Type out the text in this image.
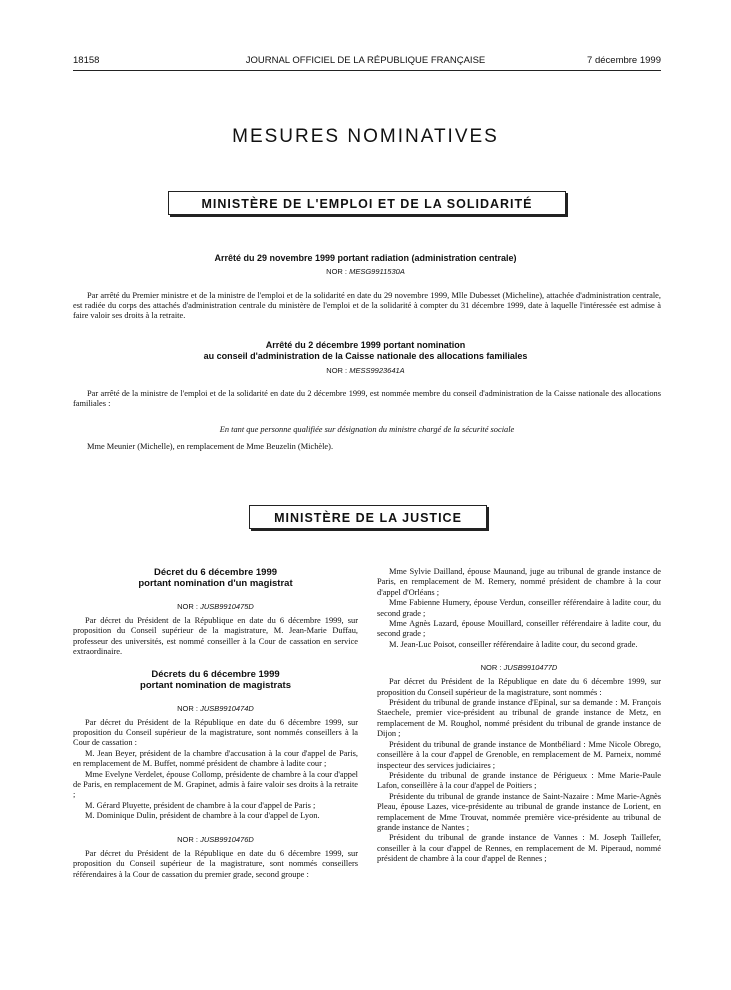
18158	JOURNAL OFFICIEL DE LA RÉPUBLIQUE FRANÇAISE	7 décembre 1999
MESURES NOMINATIVES
MINISTÈRE DE L'EMPLOI ET DE LA SOLIDARITÉ
Arrêté du 29 novembre 1999 portant radiation (administration centrale)
NOR : MESG9911530A

Par arrêté du Premier ministre et de la ministre de l'emploi et de la solidarité en date du 29 novembre 1999, Mlle Dubesset (Micheline), attachée d'administration centrale, est radiée du corps des attachés d'administration centrale du ministère de l'emploi et de la solidarité à compter du 31 décembre 1999, date à laquelle l'intéressée est admise à faire valoir ses droits à la retraite.

Arrêté du 2 décembre 1999 portant nomination
au conseil d'administration de la Caisse nationale des allocations familiales
NOR : MESS9923641A

Par arrêté de la ministre de l'emploi et de la solidarité en date du 2 décembre 1999, est nommée membre du conseil d'administration de la Caisse nationale des allocations familiales :

En tant que personne qualifiée sur désignation du ministre chargé de la sécurité sociale

Mme Meunier (Michelle), en remplacement de Mme Beuzelin (Michèle).

MINISTÈRE DE LA JUSTICE

Décret du 6 décembre 1999

portant nomination d'un magistrat

NOR : JUSB9910475D

Par décret du Président de la République en date du 6 décembre 1999, sur proposition du Conseil supérieur de la magistrature, M. Jean-Marie Duffau, professeur des universités, est nommé conseiller à la Cour de cassation en service extraordinaire.

Décrets du 6 décembre 1999

portant nomination de magistrats

NOR : JUSB9910474D

Par décret du Président de la République en date du 6 décembre 1999, sur proposition du Conseil supérieur de la magistrature, sont nommés conseillers à la Cour de cassation :

M. Jean Beyer, président de la chambre d'accusation à la cour d'appel de Paris, en remplacement de M. Buffet, nommé président de chambre à ladite cour ;

Mme Evelyne Verdelet, épouse Collomp, présidente de chambre à la cour d'appel de Paris, en remplacement de M. Grapinet, admis à faire valoir ses droits à la retraite ;

M. Gérard Pluyette, président de chambre à la cour d'appel de Paris ;

M. Dominique Dulin, président de chambre à la cour d'appel de Lyon.

NOR : JUSB9910476D

Par décret du Président de la République en date du 6 décembre 1999, sur proposition du Conseil supérieur de la magistrature, sont nommés conseillers référendaires à la Cour de cassation du premier grade, second groupe :

Mme Sylvie Dailland, épouse Maunand, juge au tribunal de grande instance de Paris, en remplacement de M. Remery, nommé président de chambre à la cour d'appel d'Orléans ;

Mme Fabienne Humery, épouse Verdun, conseiller référendaire à ladite cour, du second grade ;

Mme Agnès Lazard, épouse Mouillard, conseiller référendaire à ladite cour, du second grade ;

M. Jean-Luc Poisot, conseiller référendaire à ladite cour, du second grade.

NOR : JUSB9910477D

Par décret du Président de la République en date du 6 décembre 1999, sur proposition du Conseil supérieur de la magistrature, sont nommés :

Président du tribunal de grande instance d'Epinal, sur sa demande : M. François Staechele, premier vice-président au tribunal de grande instance de Metz, en remplacement de M. Roughol, nommé président du tribunal de grande instance de Dijon ;

Président du tribunal de grande instance de Montbéliard : Mme Nicole Obrego, conseillère à la cour d'appel de Grenoble, en remplacement de M. Parneix, nommé inspecteur des services judiciaires ;

Présidente du tribunal de grande instance de Périgueux : Mme Marie-Paule Lafon, conseillère à la cour d'appel de Poitiers ;

Présidente du tribunal de grande instance de Saint-Nazaire : Mme Marie-Agnès Pleau, épouse Lazes, vice-présidente au tribunal de grande instance de Lorient, en remplacement de Mme Trouvat, nommée première vice-présidente au tribunal de grande instance de Nantes ;

Président du tribunal de grande instance de Vannes : M. Joseph Taillefer, conseiller à la cour d'appel de Rennes, en remplacement de M. Piperaud, nommé président de chambre à la cour d'appel de Rennes ;
